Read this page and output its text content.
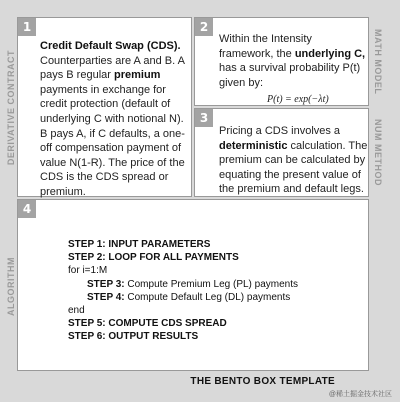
1
DERIVATIVE CONTRACT
Credit Default Swap (CDS).
Counterparties are A and B. A
pays B regular premium
payments in exchange for
credit protection (default of
underlying C with notional N).
B pays A, if C defaults, a one-
off compensation payment of
value N(1-R). The price of the
CDS is the CDS spread or
premium.
2
Within the Intensity
framework, the underlying C,
has a survival probability P(t)
given by:
P(t) = exp(−λt)
MATH MODEL
3
Pricing a CDS involves a
deterministic calculation. The
premium can be calculated by
equating the present value of
the premium and default legs.
NUM METHOD
4
ALGORITHM
STEP 1: INPUT PARAMETERS
STEP 2: LOOP FOR ALL PAYMENTS
for i=1:M
STEP 3: Compute Premium Leg (PL) payments
STEP 4: Compute Default Leg (DL) payments
end
STEP 5: COMPUTE CDS SPREAD
STEP 6: OUTPUT RESULTS
THE BENTO BOX TEMPLATE
@稀土掘金技术社区
